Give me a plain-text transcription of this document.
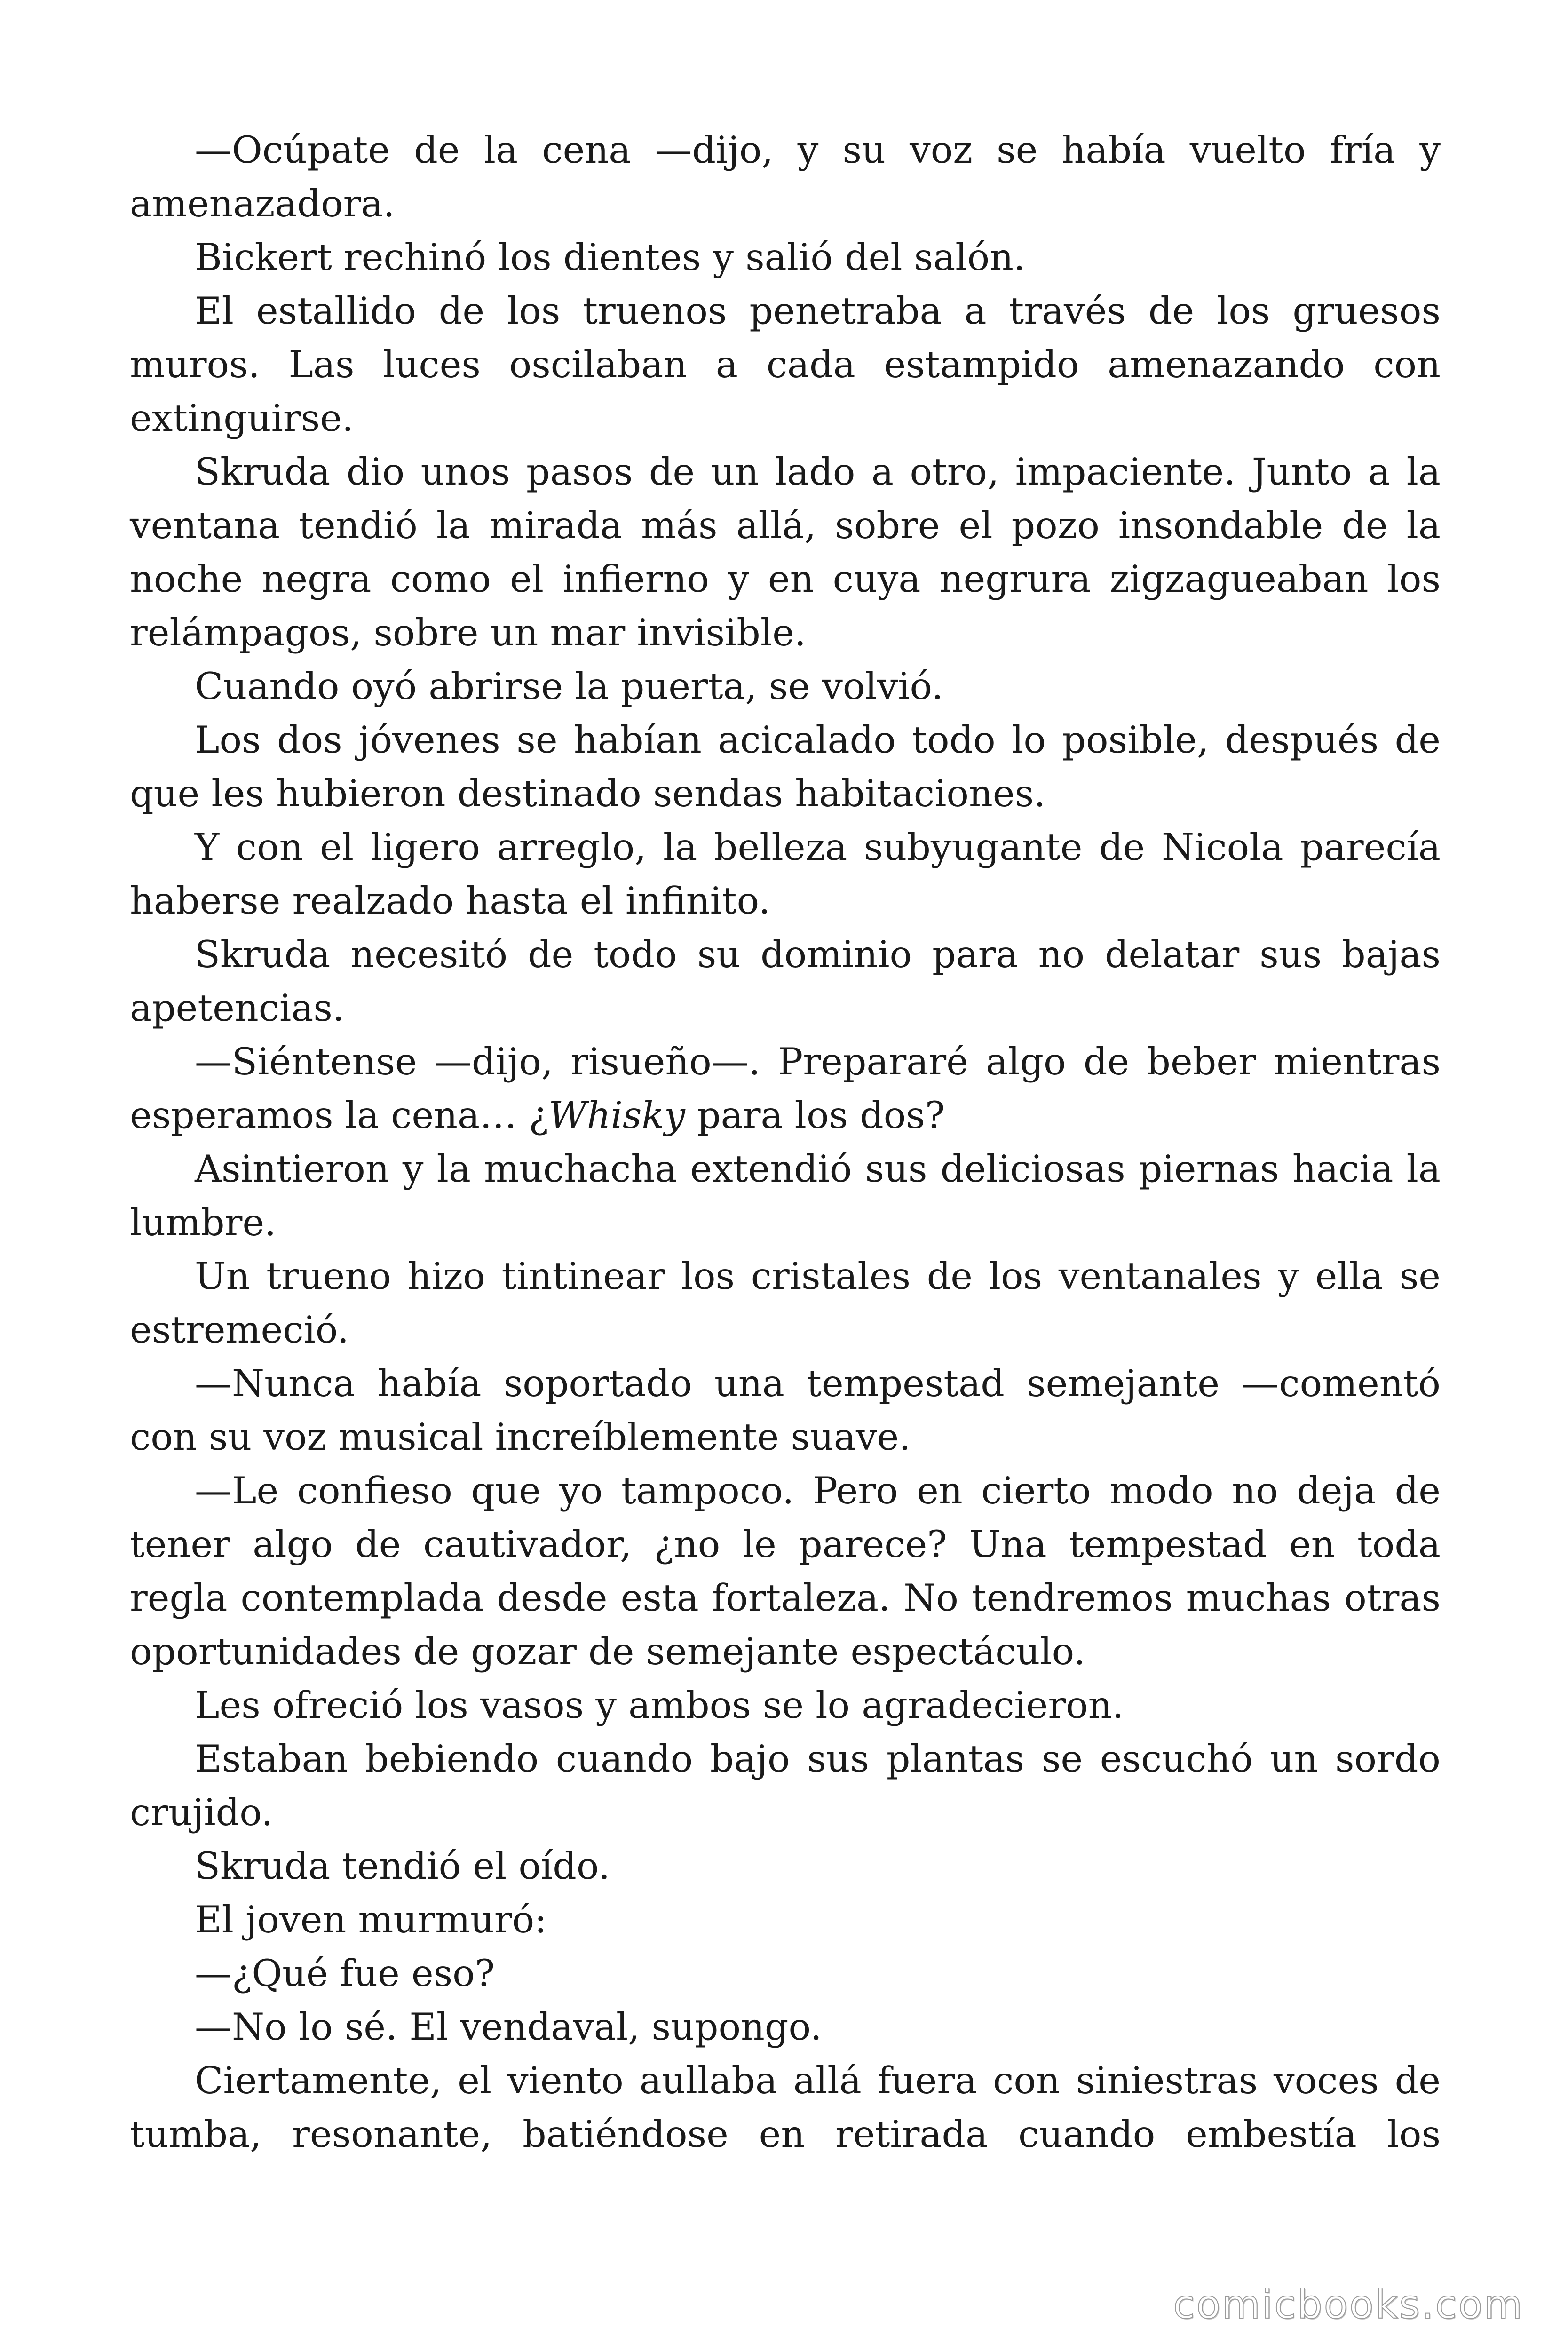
—Ocúpate de la cena —dijo, y su voz se había vuelto fría y amenazadora.

Bickert rechinó los dientes y salió del salón.

El estallido de los truenos penetraba a través de los gruesos muros. Las luces oscilaban a cada estampido amenazando con extinguirse.

Skruda dio unos pasos de un lado a otro, impaciente. Junto a la ventana tendió la mirada más allá, sobre el pozo insondable de la noche negra como el infierno y en cuya negrura zigzagueaban los relámpagos, sobre un mar invisible.

Cuando oyó abrirse la puerta, se volvió.

Los dos jóvenes se habían acicalado todo lo posible, después de que les hubieron destinado sendas habitaciones.

Y con el ligero arreglo, la belleza subyugante de Nicola parecía haberse realzado hasta el infinito.

Skruda necesitó de todo su dominio para no delatar sus bajas apetencias.

—Siéntense —dijo, risueño—. Prepararé algo de beber mientras esperamos la cena… ¿Whisky para los dos?

Asintieron y la muchacha extendió sus deliciosas piernas hacia la lumbre.

Un trueno hizo tintinear los cristales de los ventanales y ella se estremeció.

—Nunca había soportado una tempestad semejante —comentó con su voz musical increíblemente suave.

—Le confieso que yo tampoco. Pero en cierto modo no deja de tener algo de cautivador, ¿no le parece? Una tempestad en toda regla contemplada desde esta fortaleza. No tendremos muchas otras oportunidades de gozar de semejante espectáculo.

Les ofreció los vasos y ambos se lo agradecieron.

Estaban bebiendo cuando bajo sus plantas se escuchó un sordo crujido.

Skruda tendió el oído.

El joven murmuró:

—¿Qué fue eso?

—No lo sé. El vendaval, supongo.

Ciertamente, el viento aullaba allá fuera con siniestras voces de tumba, resonante, batiéndose en retirada cuando embestía los

comicbooks.com
